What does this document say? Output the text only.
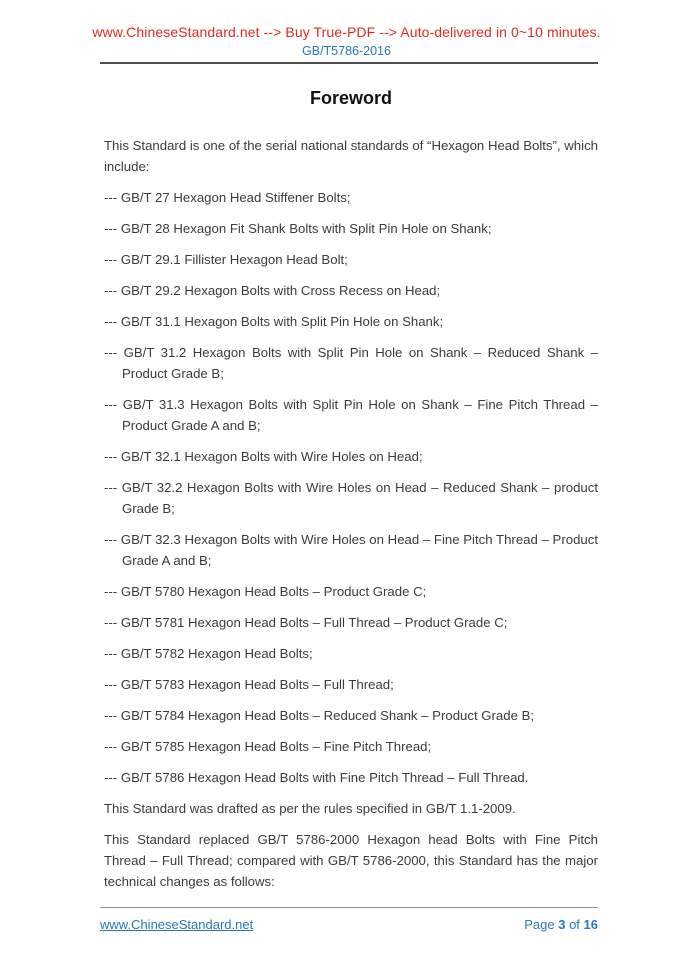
www.ChineseStandard.net --> Buy True-PDF --> Auto-delivered in 0~10 minutes.
GB/T5786-2016
Foreword

This Standard is one of the serial national standards of “Hexagon Head Bolts”, which include:

--- GB/T 27 Hexagon Head Stiffener Bolts;

--- GB/T 28 Hexagon Fit Shank Bolts with Split Pin Hole on Shank;

--- GB/T 29.1 Fillister Hexagon Head Bolt;

--- GB/T 29.2 Hexagon Bolts with Cross Recess on Head;

--- GB/T 31.1 Hexagon Bolts with Split Pin Hole on Shank;

--- GB/T 31.2 Hexagon Bolts with Split Pin Hole on Shank – Reduced Shank – Product Grade B;

--- GB/T 31.3 Hexagon Bolts with Split Pin Hole on Shank – Fine Pitch Thread – Product Grade A and B;

--- GB/T 32.1 Hexagon Bolts with Wire Holes on Head;

--- GB/T 32.2 Hexagon Bolts with Wire Holes on Head – Reduced Shank – product Grade B;

--- GB/T 32.3 Hexagon Bolts with Wire Holes on Head – Fine Pitch Thread – Product Grade A and B;

--- GB/T 5780 Hexagon Head Bolts – Product Grade C;

--- GB/T 5781 Hexagon Head Bolts – Full Thread – Product Grade C;

--- GB/T 5782 Hexagon Head Bolts;

--- GB/T 5783 Hexagon Head Bolts – Full Thread;

--- GB/T 5784 Hexagon Head Bolts – Reduced Shank – Product Grade B;

--- GB/T 5785 Hexagon Head Bolts – Fine Pitch Thread;

--- GB/T 5786 Hexagon Head Bolts with Fine Pitch Thread – Full Thread.

This Standard was drafted as per the rules specified in GB/T 1.1-2009.

This Standard replaced GB/T 5786-2000 Hexagon head Bolts with Fine Pitch Thread – Full Thread; compared with GB/T 5786-2000, this Standard has the major technical changes as follows:

www.ChineseStandard.net	Page 3 of 16
